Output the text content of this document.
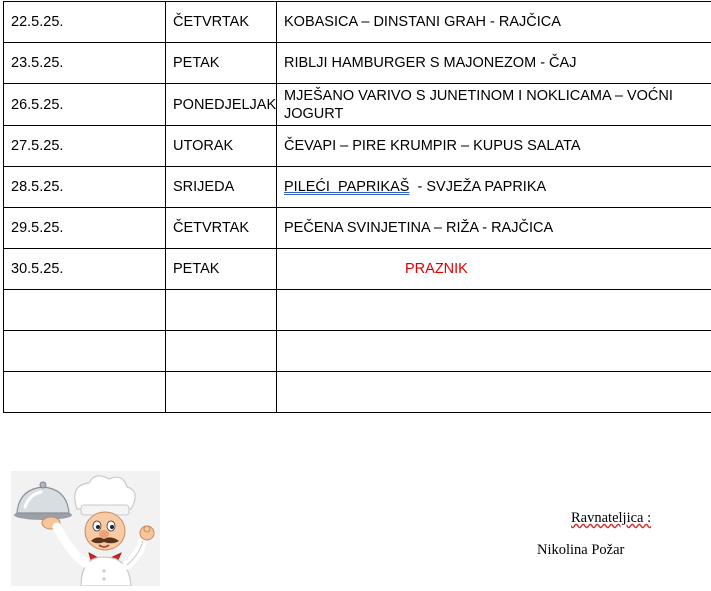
22.5.25.	ČETVRTAK	KOBASICA – DINSTANI GRAH - RAJČICA
23.5.25.	PETAK	RIBLJI HAMBURGER S MAJONEZOM - ČAJ
26.5.25.	PONEDJELJAK	MJEŠANO VARIVO S JUNETINOM I NOKLICAMA – VOĆNI JOGURT
27.5.25.	UTORAK	ČEVAPI – PIRE KRUMPIR – KUPUS SALATA
28.5.25.	SRIJEDA	PILEĆI  PAPRIKAŠ  - SVJEŽA PAPRIKA
29.5.25.	ČETVRTAK	PEČENA SVINJETINA – RIŽA - RAJČICA
30.5.25.	PETAK	PRAZNIK

Ravnateljica :
Nikolina Požar
